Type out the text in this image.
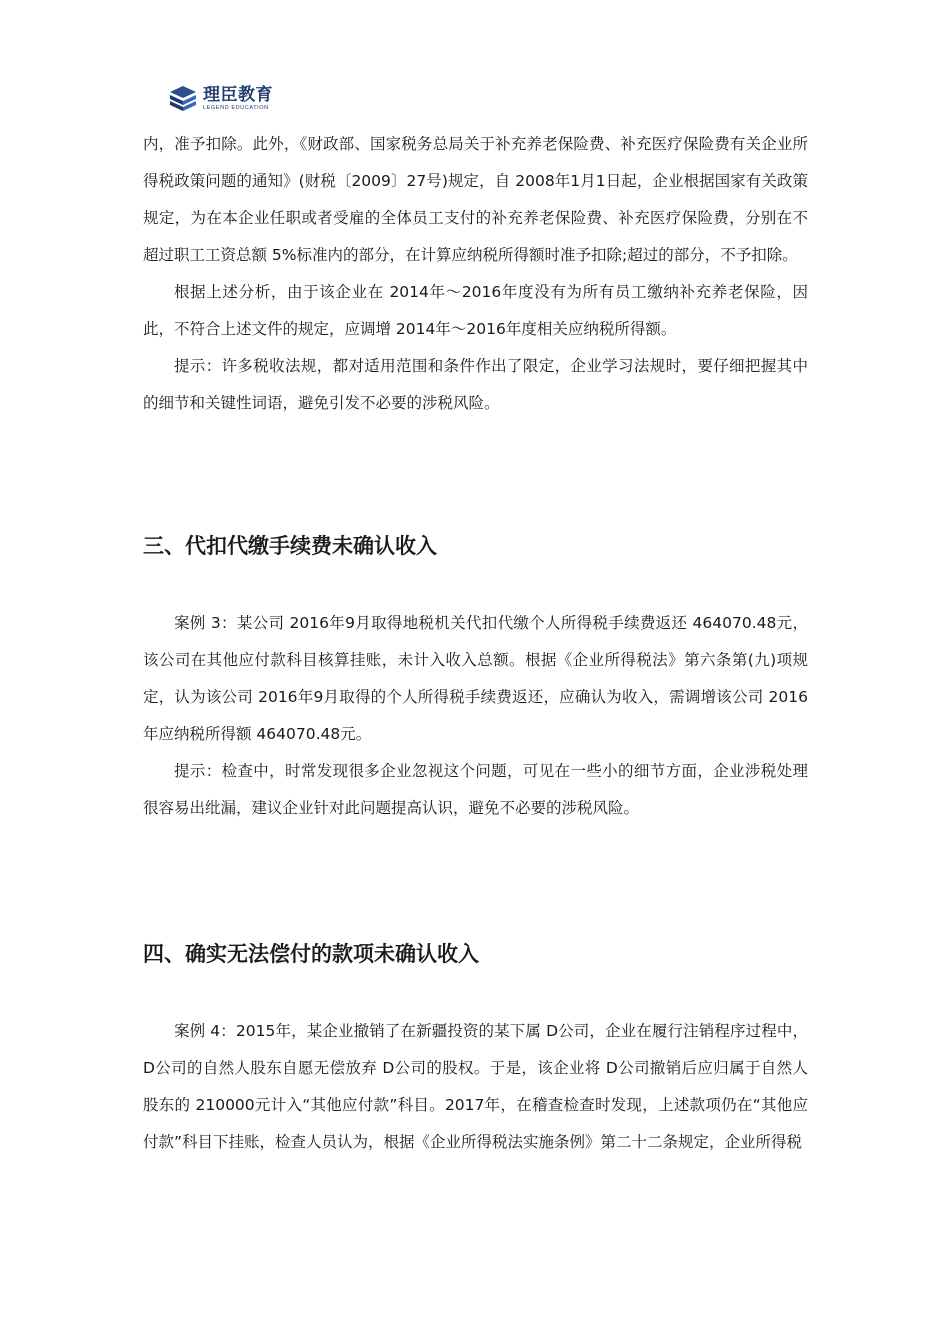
理臣教育
LEGEND EDUCATION

内，准予扣除。此外，《财政部、国家税务总局关于补充养老保险费、补充医疗保险费有关企业所得税政策问题的通知》(财税〔2009〕27号)规定，自 2008年1月1日起，企业根据国家有关政策规定，为在本企业任职或者受雇的全体员工支付的补充养老保险费、补充医疗保险费，分别在不超过职工工资总额 5%标准内的部分，在计算应纳税所得额时准予扣除;超过的部分，不予扣除。

根据上述分析，由于该企业在 2014年～2016年度没有为所有员工缴纳补充养老保险，因此，不符合上述文件的规定，应调增 2014年～2016年度相关应纳税所得额。

提示：许多税收法规，都对适用范围和条件作出了限定，企业学习法规时，要仔细把握其中的细节和关键性词语，避免引发不必要的涉税风险。

三、代扣代缴手续费未确认收入

案例 3：某公司 2016年9月取得地税机关代扣代缴个人所得税手续费返还 464070.48元，该公司在其他应付款科目核算挂账，未计入收入总额。根据《企业所得税法》第六条第(九)项规定，认为该公司 2016年9月取得的个人所得税手续费返还，应确认为收入，需调增该公司 2016年应纳税所得额 464070.48元。

提示：检查中，时常发现很多企业忽视这个问题，可见在一些小的细节方面，企业涉税处理很容易出纰漏，建议企业针对此问题提高认识，避免不必要的涉税风险。

四、确实无法偿付的款项未确认收入

案例 4：2015年，某企业撤销了在新疆投资的某下属 D公司，企业在履行注销程序过程中，D公司的自然人股东自愿无偿放弃 D公司的股权。于是，该企业将 D公司撤销后应归属于自然人股东的 210000元计入“其他应付款”科目。2017年，在稽查检查时发现，上述款项仍在“其他应付款”科目下挂账，检查人员认为，根据《企业所得税法实施条例》第二十二条规定，企业所得税
